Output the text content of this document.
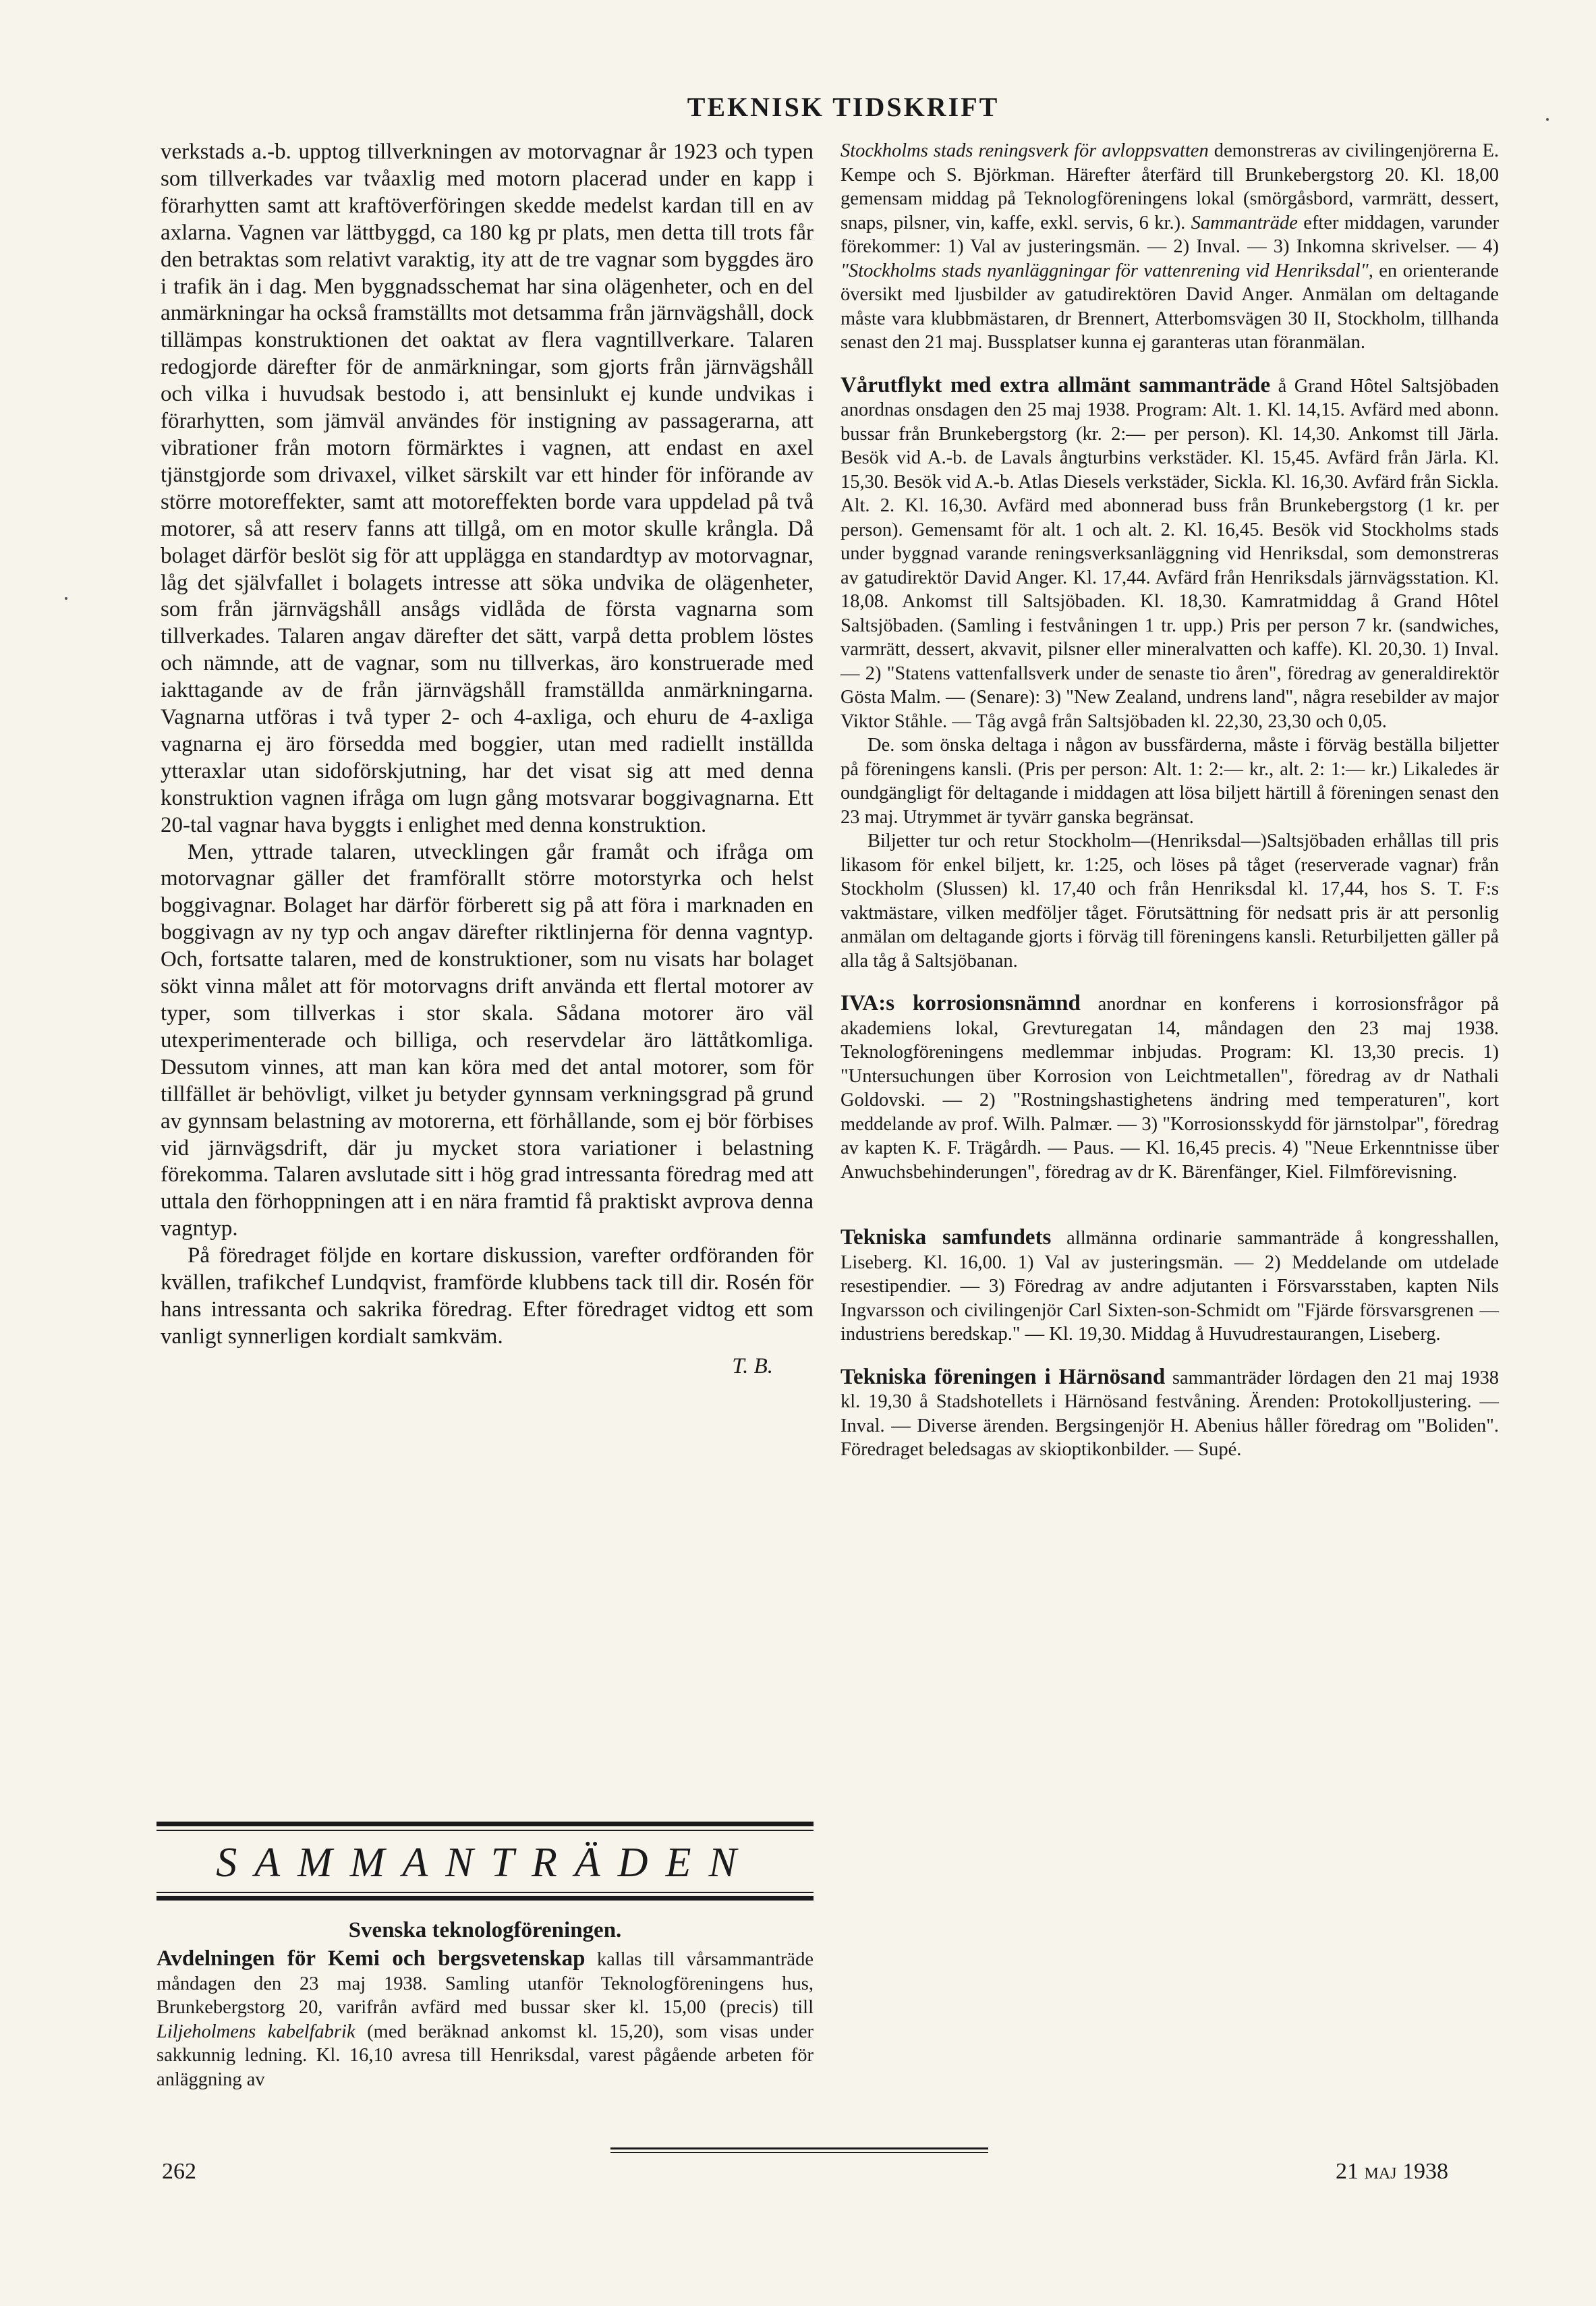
TEKNISK TIDSKRIFT

verkstads a.-b. upptog tillverkningen av motorvagnar år 1923 och typen som tillverkades var tvåaxlig med motorn placerad under en kapp i förarhytten samt att kraftöverföringen skedde medelst kardan till en av axlarna. Vagnen var lättbyggd, ca 180 kg pr plats, men detta till trots får den betraktas som relativt varaktig, ity att de tre vagnar som byggdes äro i trafik än i dag. Men byggnadsschemat har sina olägenheter, och en del anmärkningar ha också framställts mot detsamma från järnvägshåll, dock tillämpas konstruktionen det oaktat av flera vagntillverkare. Talaren redogjorde därefter för de anmärkningar, som gjorts från järnvägshåll och vilka i huvudsak bestodo i, att bensinlukt ej kunde undvikas i förarhytten, som jämväl användes för instigning av passagerarna, att vibrationer från motorn förmärktes i vagnen, att endast en axel tjänstgjorde som drivaxel, vilket särskilt var ett hinder för införande av större motoreffekter, samt att motoreffekten borde vara uppdelad på två motorer, så att reserv fanns att tillgå, om en motor skulle krångla. Då bolaget därför beslöt sig för att upplägga en standardtyp av motorvagnar, låg det självfallet i bolagets intresse att söka undvika de olägenheter, som från järnvägshåll ansågs vidlåda de första vagnarna som tillverkades. Talaren angav därefter det sätt, varpå detta problem löstes och nämnde, att de vagnar, som nu tillverkas, äro konstruerade med iakttagande av de från järnvägshåll framställda anmärkningarna. Vagnarna utföras i två typer 2- och 4-axliga, och ehuru de 4-axliga vagnarna ej äro försedda med boggier, utan med radiellt inställda ytteraxlar utan sidoförskjutning, har det visat sig att med denna konstruktion vagnen ifråga om lugn gång motsvarar boggivagnarna. Ett 20-tal vagnar hava byggts i enlighet med denna konstruktion.

Men, yttrade talaren, utvecklingen går framåt och ifråga om motorvagnar gäller det framförallt större motorstyrka och helst boggivagnar. Bolaget har därför förberett sig på att föra i marknaden en boggivagn av ny typ och angav därefter riktlinjerna för denna vagntyp. Och, fortsatte talaren, med de konstruktioner, som nu visats har bolaget sökt vinna målet att för motorvagns drift använda ett flertal motorer av typer, som tillverkas i stor skala. Sådana motorer äro väl utexperimenterade och billiga, och reservdelar äro lättåtkomliga. Dessutom vinnes, att man kan köra med det antal motorer, som för tillfället är behövligt, vilket ju betyder gynnsam verkningsgrad på grund av gynnsam belastning av motorerna, ett förhållande, som ej bör förbises vid järnvägsdrift, där ju mycket stora variationer i belastning förekomma. Talaren avslutade sitt i hög grad intressanta föredrag med att uttala den förhoppningen att i en nära framtid få praktiskt avprova denna vagntyp.

På föredraget följde en kortare diskussion, varefter ordföranden för kvällen, trafikchef Lundqvist, framförde klubbens tack till dir. Rosén för hans intressanta och sakrika föredrag. Efter föredraget vidtog ett som vanligt synnerligen kordialt samkväm.

T. B.

SAMMANTRÄDEN
Svenska teknologföreningen.

Avdelningen för Kemi och bergsvetenskap kallas till vårsammanträde måndagen den 23 maj 1938. Samling utanför Teknologföreningens hus, Brunkebergstorg 20, varifrån avfärd med bussar sker kl. 15,00 (precis) till Liljeholmens kabelfabrik (med beräknad ankomst kl. 15,20), som visas under sakkunnig ledning. Kl. 16,10 avresa till Henriksdal, varest pågående arbeten för anläggning av

Stockholms stads reningsverk för avloppsvatten demonstreras av civilingenjörerna E. Kempe och S. Björkman. Härefter återfärd till Brunkebergstorg 20. Kl. 18,00 gemensam middag på Teknologföreningens lokal (smörgåsbord, varmrätt, dessert, snaps, pilsner, vin, kaffe, exkl. servis, 6 kr.). Sammanträde efter middagen, varunder förekommer: 1) Val av justeringsmän. — 2) Inval. — 3) Inkomna skrivelser. — 4) "Stockholms stads nyanläggningar för vattenrening vid Henriksdal", en orienterande översikt med ljusbilder av gatudirektören David Anger. Anmälan om deltagande måste vara klubbmästaren, dr Brennert, Atterbomsvägen 30 II, Stockholm, tillhanda senast den 21 maj. Bussplatser kunna ej garanteras utan föranmälan.

Vårutflykt med extra allmänt sammanträde å Grand Hôtel Saltsjöbaden anordnas onsdagen den 25 maj 1938. Program: Alt. 1. Kl. 14,15. Avfärd med abonn. bussar från Brunkebergstorg (kr. 2:— per person). Kl. 14,30. Ankomst till Järla. Besök vid A.-b. de Lavals ångturbins verkstäder. Kl. 15,45. Avfärd från Järla. Kl. 15,30. Besök vid A.-b. Atlas Diesels verkstäder, Sickla. Kl. 16,30. Avfärd från Sickla. Alt. 2. Kl. 16,30. Avfärd med abonnerad buss från Brunkebergstorg (1 kr. per person). Gemensamt för alt. 1 och alt. 2. Kl. 16,45. Besök vid Stockholms stads under byggnad varande reningsverksanläggning vid Henriksdal, som demonstreras av gatudirektör David Anger. Kl. 17,44. Avfärd från Henriksdals järnvägsstation. Kl. 18,08. Ankomst till Saltsjöbaden. Kl. 18,30. Kamratmiddag å Grand Hôtel Saltsjöbaden. (Samling i festvåningen 1 tr. upp.) Pris per person 7 kr. (sandwiches, varmrätt, dessert, akvavit, pilsner eller mineralvatten och kaffe). Kl. 20,30. 1) Inval. — 2) "Statens vattenfallsverk under de senaste tio åren", föredrag av generaldirektör Gösta Malm. — (Senare): 3) "New Zealand, undrens land", några resebilder av major Viktor Ståhle. — Tåg avgå från Saltsjöbaden kl. 22,30, 23,30 och 0,05.

De. som önska deltaga i någon av bussfärderna, måste i förväg beställa biljetter på föreningens kansli. (Pris per person: Alt. 1: 2:— kr., alt. 2: 1:— kr.) Likaledes är oundgängligt för deltagande i middagen att lösa biljett härtill å föreningen senast den 23 maj. Utrymmet är tyvärr ganska begränsat.

Biljetter tur och retur Stockholm—(Henriksdal—)Saltsjöbaden erhållas till pris likasom för enkel biljett, kr. 1:25, och löses på tåget (reserverade vagnar) från Stockholm (Slussen) kl. 17,40 och från Henriksdal kl. 17,44, hos S. T. F:s vaktmästare, vilken medföljer tåget. Förutsättning för nedsatt pris är att personlig anmälan om deltagande gjorts i förväg till föreningens kansli. Returbiljetten gäller på alla tåg å Saltsjöbanan.

IVA:s korrosionsnämnd anordnar en konferens i korrosionsfrågor på akademiens lokal, Grevturegatan 14, måndagen den 23 maj 1938. Teknologföreningens medlemmar inbjudas. Program: Kl. 13,30 precis. 1) "Untersuchungen über Korrosion von Leichtmetallen", föredrag av dr Nathali Goldovski. — 2) "Rostningshastighetens ändring med temperaturen", kort meddelande av prof. Wilh. Palmær. — 3) "Korrosionsskydd för järnstolpar", föredrag av kapten K. F. Trägårdh. — Paus. — Kl. 16,45 precis. 4) "Neue Erkenntnisse über Anwuchsbehinderungen", föredrag av dr K. Bärenfänger, Kiel. Filmförevisning.

Tekniska samfundets allmänna ordinarie sammanträde å kongresshallen, Liseberg. Kl. 16,00. 1) Val av justeringsmän. — 2) Meddelande om utdelade resestipendier. — 3) Föredrag av andre adjutanten i Försvarsstaben, kapten Nils Ingvarsson och civilingenjör Carl Sixten-son-Schmidt om "Fjärde försvarsgrenen — industriens beredskap." — Kl. 19,30. Middag å Huvudrestaurangen, Liseberg.

Tekniska föreningen i Härnösand sammanträder lördagen den 21 maj 1938 kl. 19,30 å Stadshotellets i Härnösand festvåning. Ärenden: Protokolljustering. — Inval. — Diverse ärenden. Bergsingenjör H. Abenius håller föredrag om "Boliden". Föredraget beledsagas av skioptikonbilder. — Supé.

262	21 maj 1938
